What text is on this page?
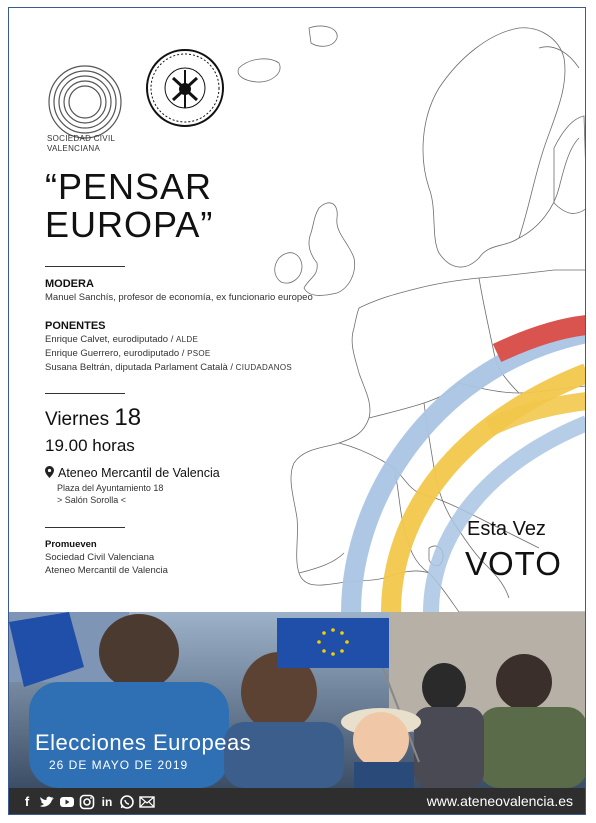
SOCIEDAD CIVIL
VALENCIANA
“PENSAR
EUROPA”
MODERA
Manuel Sanchís, profesor de economía, ex funcionario europeo
PONENTES
Enrique Calvet, eurodiputado / ALDE
Enrique Guerrero, eurodiputado / PSOE
Susana Beltrán, diputada Parlament Català / CIUDADANOS
Viernes 18
19.00 horas
Ateneo Mercantil de Valencia
Plaza del Ayuntamiento 18
> Salón Sorolla <
Promueven
Sociedad Civil Valenciana
Ateneo Mercantil de Valencia
Esta Vez
VOTO
Elecciones Europeas
26 DE MAYO DE 2019
f	in	www.ateneovalencia.es
